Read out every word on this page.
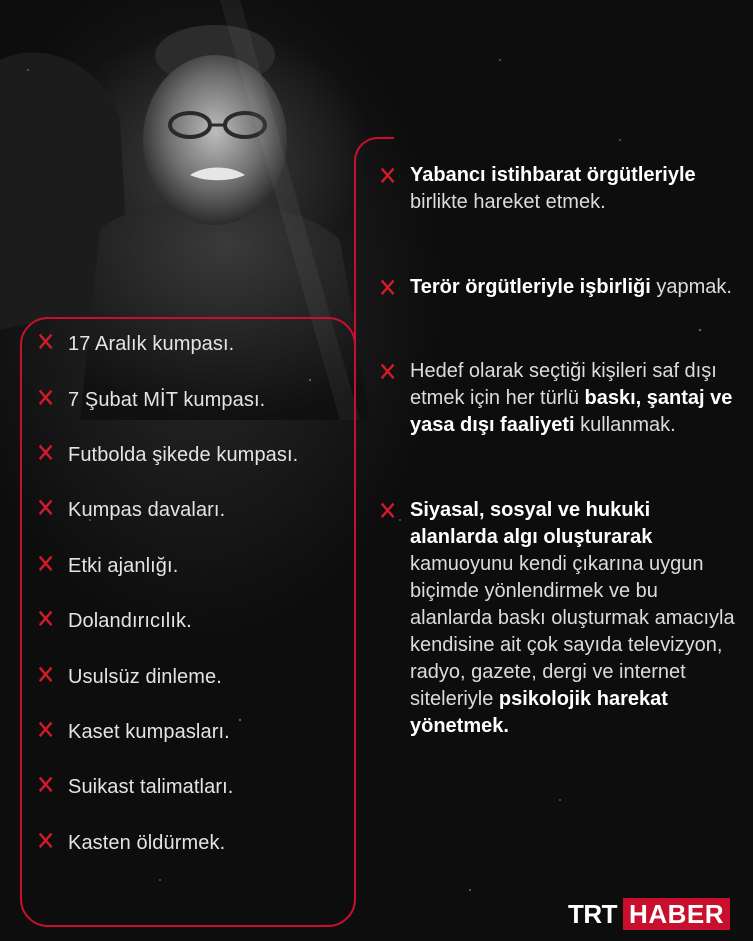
✕ 17 Aralık kumpası.
✕ 7 Şubat MİT kumpası.
✕ Futbolda şikede kumpası.
✕ Kumpas davaları.
✕ Etki ajanlığı.
✕ Dolandırıcılık.
✕ Usulsüz dinleme.
✕ Kaset kumpasları.
✕ Suikast talimatları.
✕ Kasten öldürmek.
✕ Yabancı istihbarat örgütleriyle birlikte hareket etmek.
✕ Terör örgütleriyle işbirliği yapmak.
✕ Hedef olarak seçtiği kişileri saf dışı etmek için her türlü baskı, şantaj ve yasa dışı faaliyeti kullanmak.
✕ Siyasal, sosyal ve hukuki alanlarda algı oluşturarak kamuoyunu kendi çıkarına uygun biçimde yönlendirmek ve bu alanlarda baskı oluşturmak amacıyla kendisine ait çok sayıda televizyon, radyo, gazete, dergi ve internet siteleriyle psikolojik harekat yönetmek.
TRT HABER
